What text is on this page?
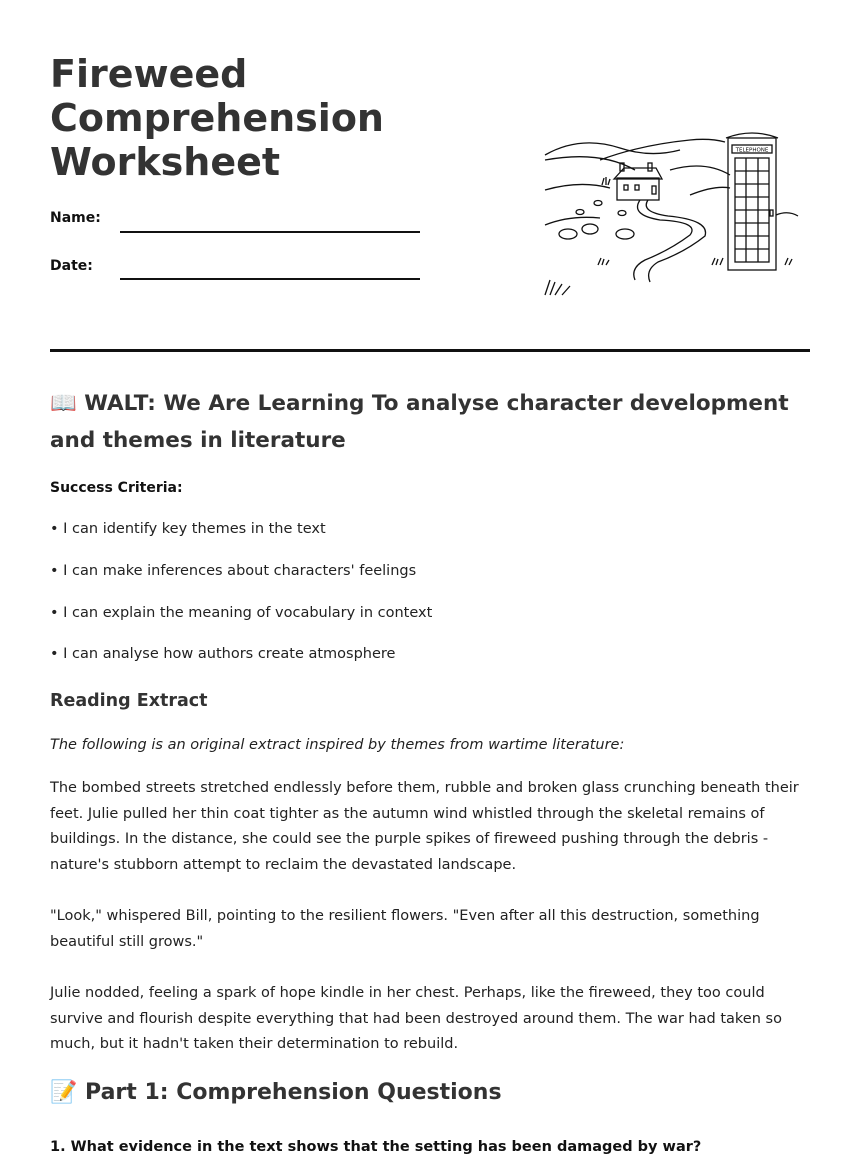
Fireweed Comprehension Worksheet
Name:
Date:
TELEPHONE
📖 WALT: We Are Learning To analyse character development and themes in literature
Success Criteria:
• I can identify key themes in the text
• I can make inferences about characters' feelings
• I can explain the meaning of vocabulary in context
• I can analyse how authors create atmosphere
Reading Extract
The following is an original extract inspired by themes from wartime literature:

The bombed streets stretched endlessly before them, rubble and broken glass crunching beneath their feet. Julie pulled her thin coat tighter as the autumn wind whistled through the skeletal remains of buildings. In the distance, she could see the purple spikes of fireweed pushing through the debris - nature's stubborn attempt to reclaim the devastated landscape.

"Look," whispered Bill, pointing to the resilient flowers. "Even after all this destruction, something beautiful still grows."

Julie nodded, feeling a spark of hope kindle in her chest. Perhaps, like the fireweed, they too could survive and flourish despite everything that had been destroyed around them. The war had taken so much, but it hadn't taken their determination to rebuild.

📝 Part 1: Comprehension Questions
1. What evidence in the text shows that the setting has been damaged by war?
